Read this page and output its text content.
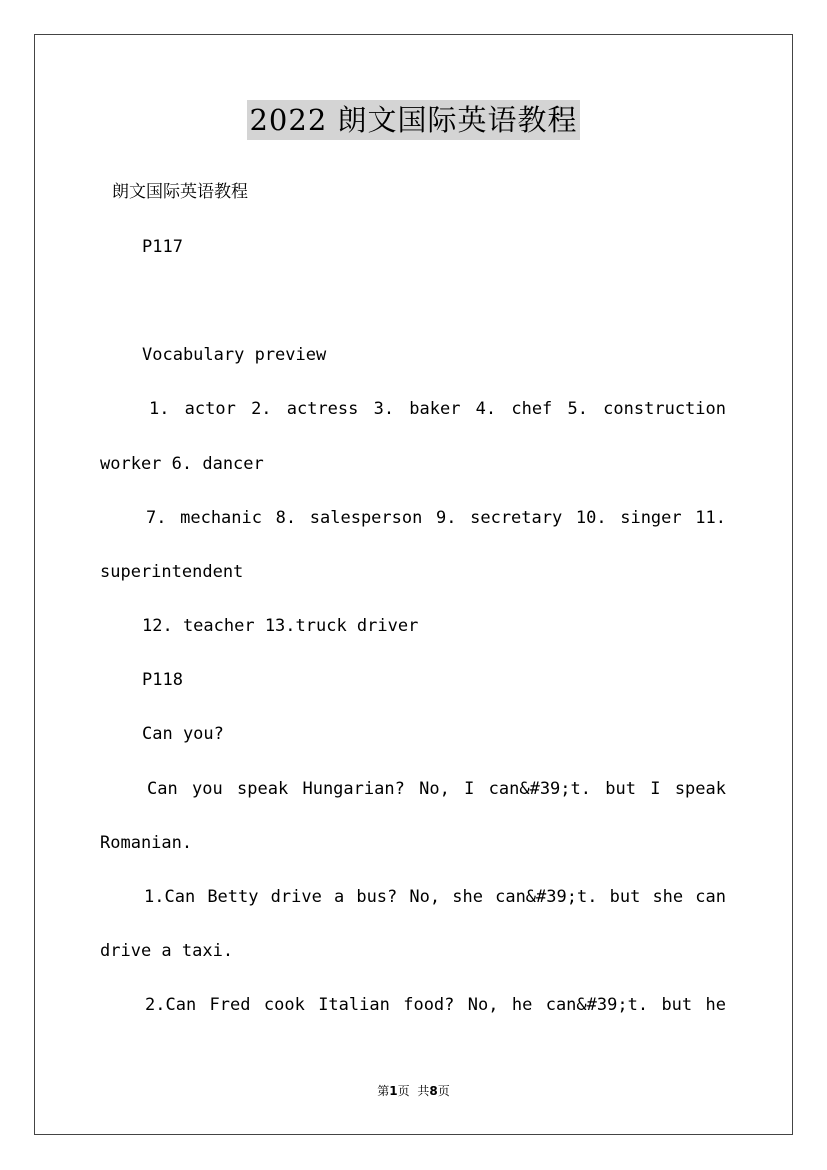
2022 朗文国际英语教程
朗文国际英语教程
P117
Vocabulary preview
1. actor 2. actress 3. baker 4. chef 5. construction
worker 6. dancer
7. mechanic 8. salesperson 9. secretary 10. singer 11.
superintendent
12. teacher 13.truck driver
P118
Can you?
Can you speak Hungarian? No, I can&#39;t. but I speak
Romanian.
1.Can Betty drive a bus? No, she can&#39;t. but she can
drive a taxi.
2.Can Fred cook Italian food? No, he can&#39;t. but he
第1页 共8页
